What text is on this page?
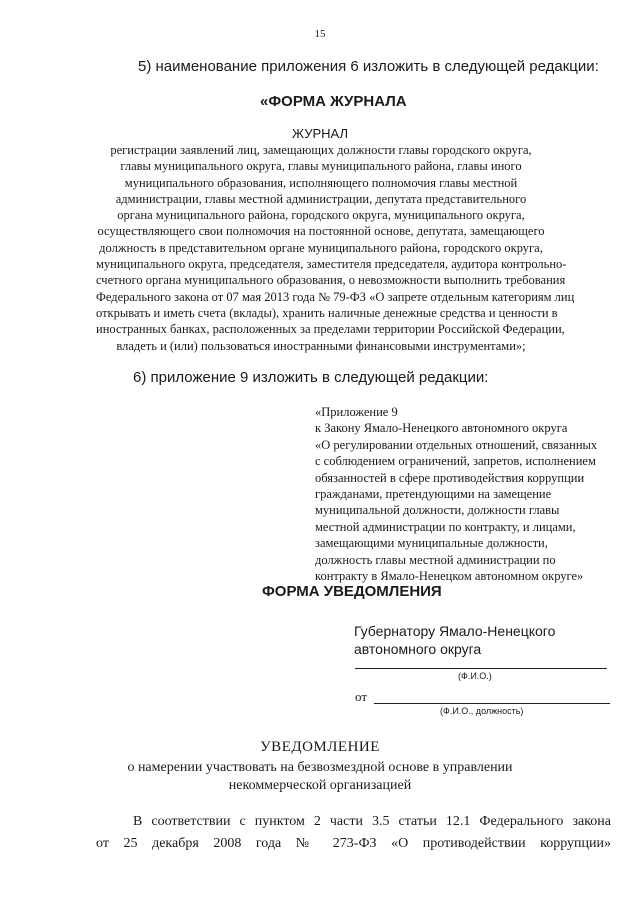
15
5) наименование приложения 6 изложить в следующей редакции:
«ФОРМА ЖУРНАЛА
ЖУРНАЛ
регистрации заявлений лиц, замещающих должности главы городского округа,
главы муниципального округа, главы муниципального района, главы иного
муниципального образования, исполняющего полномочия главы местной
администрации, главы местной администрации, депутата представительного
органа муниципального района, городского округа, муниципального округа,
осуществляющего свои полномочия на постоянной основе, депутата, замещающего
должность в представительном органе муниципального района, городского округа,
муниципального округа, председателя, заместителя председателя, аудитора контрольно-
счетного органа муниципального образования, о невозможности выполнить требования
Федерального закона от 07 мая 2013 года № 79-ФЗ «О запрете отдельным категориям лиц
открывать и иметь счета (вклады), хранить наличные денежные средства и ценности в
иностранных банках, расположенных за пределами территории Российской Федерации,
владеть и (или) пользоваться иностранными финансовыми инструментами»;
6) приложение 9 изложить в следующей редакции:
«Приложение 9
к Закону Ямало-Ненецкого автономного округа
«О регулировании отдельных отношений, связанных
с соблюдением ограничений, запретов, исполнением
обязанностей в сфере противодействия коррупции
гражданами, претендующими на замещение
муниципальной должности, должности главы
местной администрации по контракту, и лицами,
замещающими муниципальные должности,
должность главы местной администрации по
контракту в Ямало-Ненецком автономном округе»
ФОРМА УВЕДОМЛЕНИЯ
Губернатору Ямало-Ненецкого
автономного округа
(Ф.И.О.)
от
(Ф.И.О., должность)
УВЕДОМЛЕНИЕ
о намерении участвовать на безвозмездной основе в управлении
некоммерческой организацией
В соответствии с пунктом 2 части 3.5 статьи 12.1 Федерального закона
от 25 декабря 2008 года № 273-ФЗ «О противодействии коррупции»
